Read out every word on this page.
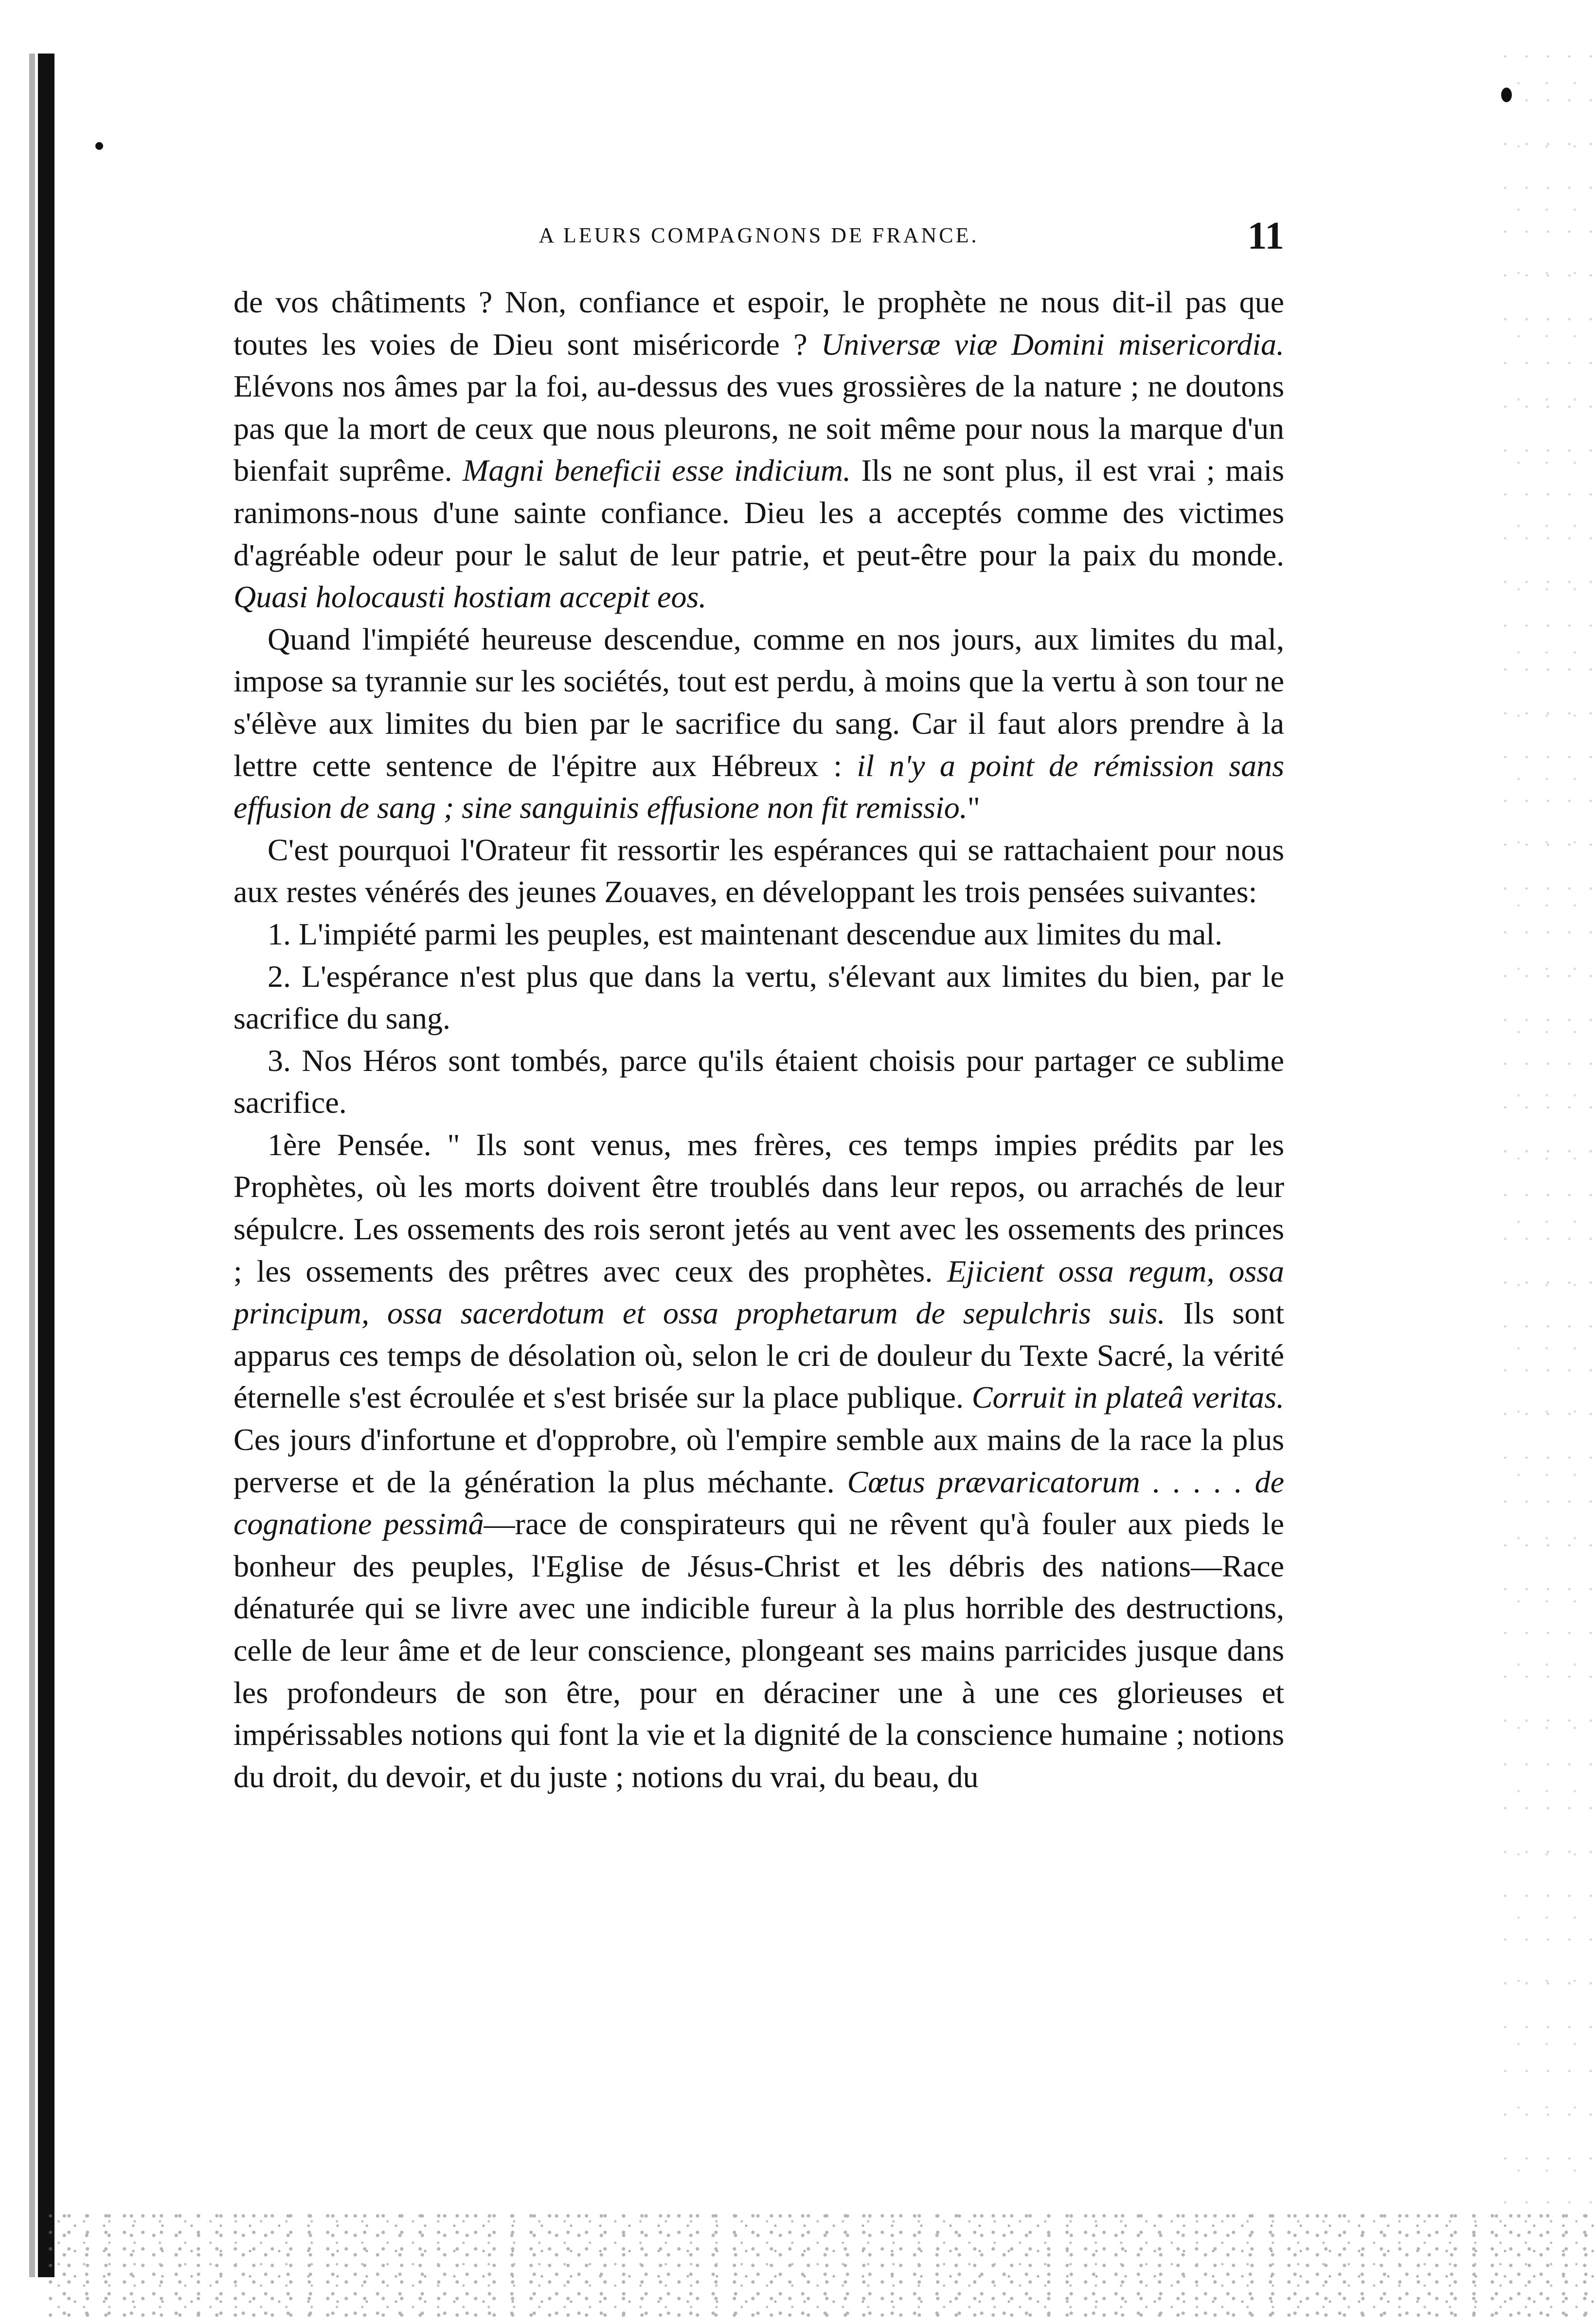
A LEURS COMPAGNONS DE FRANCE.	11

de vos châtiments ? Non, confiance et espoir, le prophète ne nous dit-il pas que toutes les voies de Dieu sont miséricorde ? Universæ viæ Domini misericordia. Elévons nos âmes par la foi, au-dessus des vues grossières de la nature ; ne doutons pas que la mort de ceux que nous pleurons, ne soit même pour nous la marque d'un bienfait suprême. Magni beneficii esse indicium. Ils ne sont plus, il est vrai ; mais ranimons-nous d'une sainte confiance. Dieu les a acceptés comme des victimes d'agréable odeur pour le salut de leur patrie, et peut-être pour la paix du monde. Quasi holocausti hostiam accepit eos.

Quand l'impiété heureuse descendue, comme en nos jours, aux limites du mal, impose sa tyrannie sur les sociétés, tout est perdu, à moins que la vertu à son tour ne s'élève aux limites du bien par le sacrifice du sang. Car il faut alors prendre à la lettre cette sentence de l'épitre aux Hébreux : il n'y a point de rémission sans effusion de sang ; sine sanguinis effusione non fit remissio."

C'est pourquoi l'Orateur fit ressortir les espérances qui se rattachaient pour nous aux restes vénérés des jeunes Zouaves, en développant les trois pensées suivantes:

1. L'impiété parmi les peuples, est maintenant descendue aux limites du mal.

2. L'espérance n'est plus que dans la vertu, s'élevant aux limites du bien, par le sacrifice du sang.

3. Nos Héros sont tombés, parce qu'ils étaient choisis pour partager ce sublime sacrifice.

1ère Pensée. " Ils sont venus, mes frères, ces temps impies prédits par les Prophètes, où les morts doivent être troublés dans leur repos, ou arrachés de leur sépulcre. Les ossements des rois seront jetés au vent avec les ossements des princes ; les ossements des prêtres avec ceux des prophètes. Ejicient ossa regum, ossa principum, ossa sacerdotum et ossa prophetarum de sepulchris suis. Ils sont apparus ces temps de désolation où, selon le cri de douleur du Texte Sacré, la vérité éternelle s'est écroulée et s'est brisée sur la place publique. Corruit in plateâ veritas. Ces jours d'infortune et d'opprobre, où l'empire semble aux mains de la race la plus perverse et de la génération la plus méchante. Cœtus prævaricatorum . . . . . de cognatione pessimâ—race de conspirateurs qui ne rêvent qu'à fouler aux pieds le bonheur des peuples, l'Eglise de Jésus-Christ et les débris des nations—Race dénaturée qui se livre avec une indicible fureur à la plus horrible des destructions, celle de leur âme et de leur conscience, plongeant ses mains parricides jusque dans les profondeurs de son être, pour en déraciner une à une ces glorieuses et impérissables notions qui font la vie et la dignité de la conscience humaine ; notions du droit, du devoir, et du juste ; notions du vrai, du beau, du
